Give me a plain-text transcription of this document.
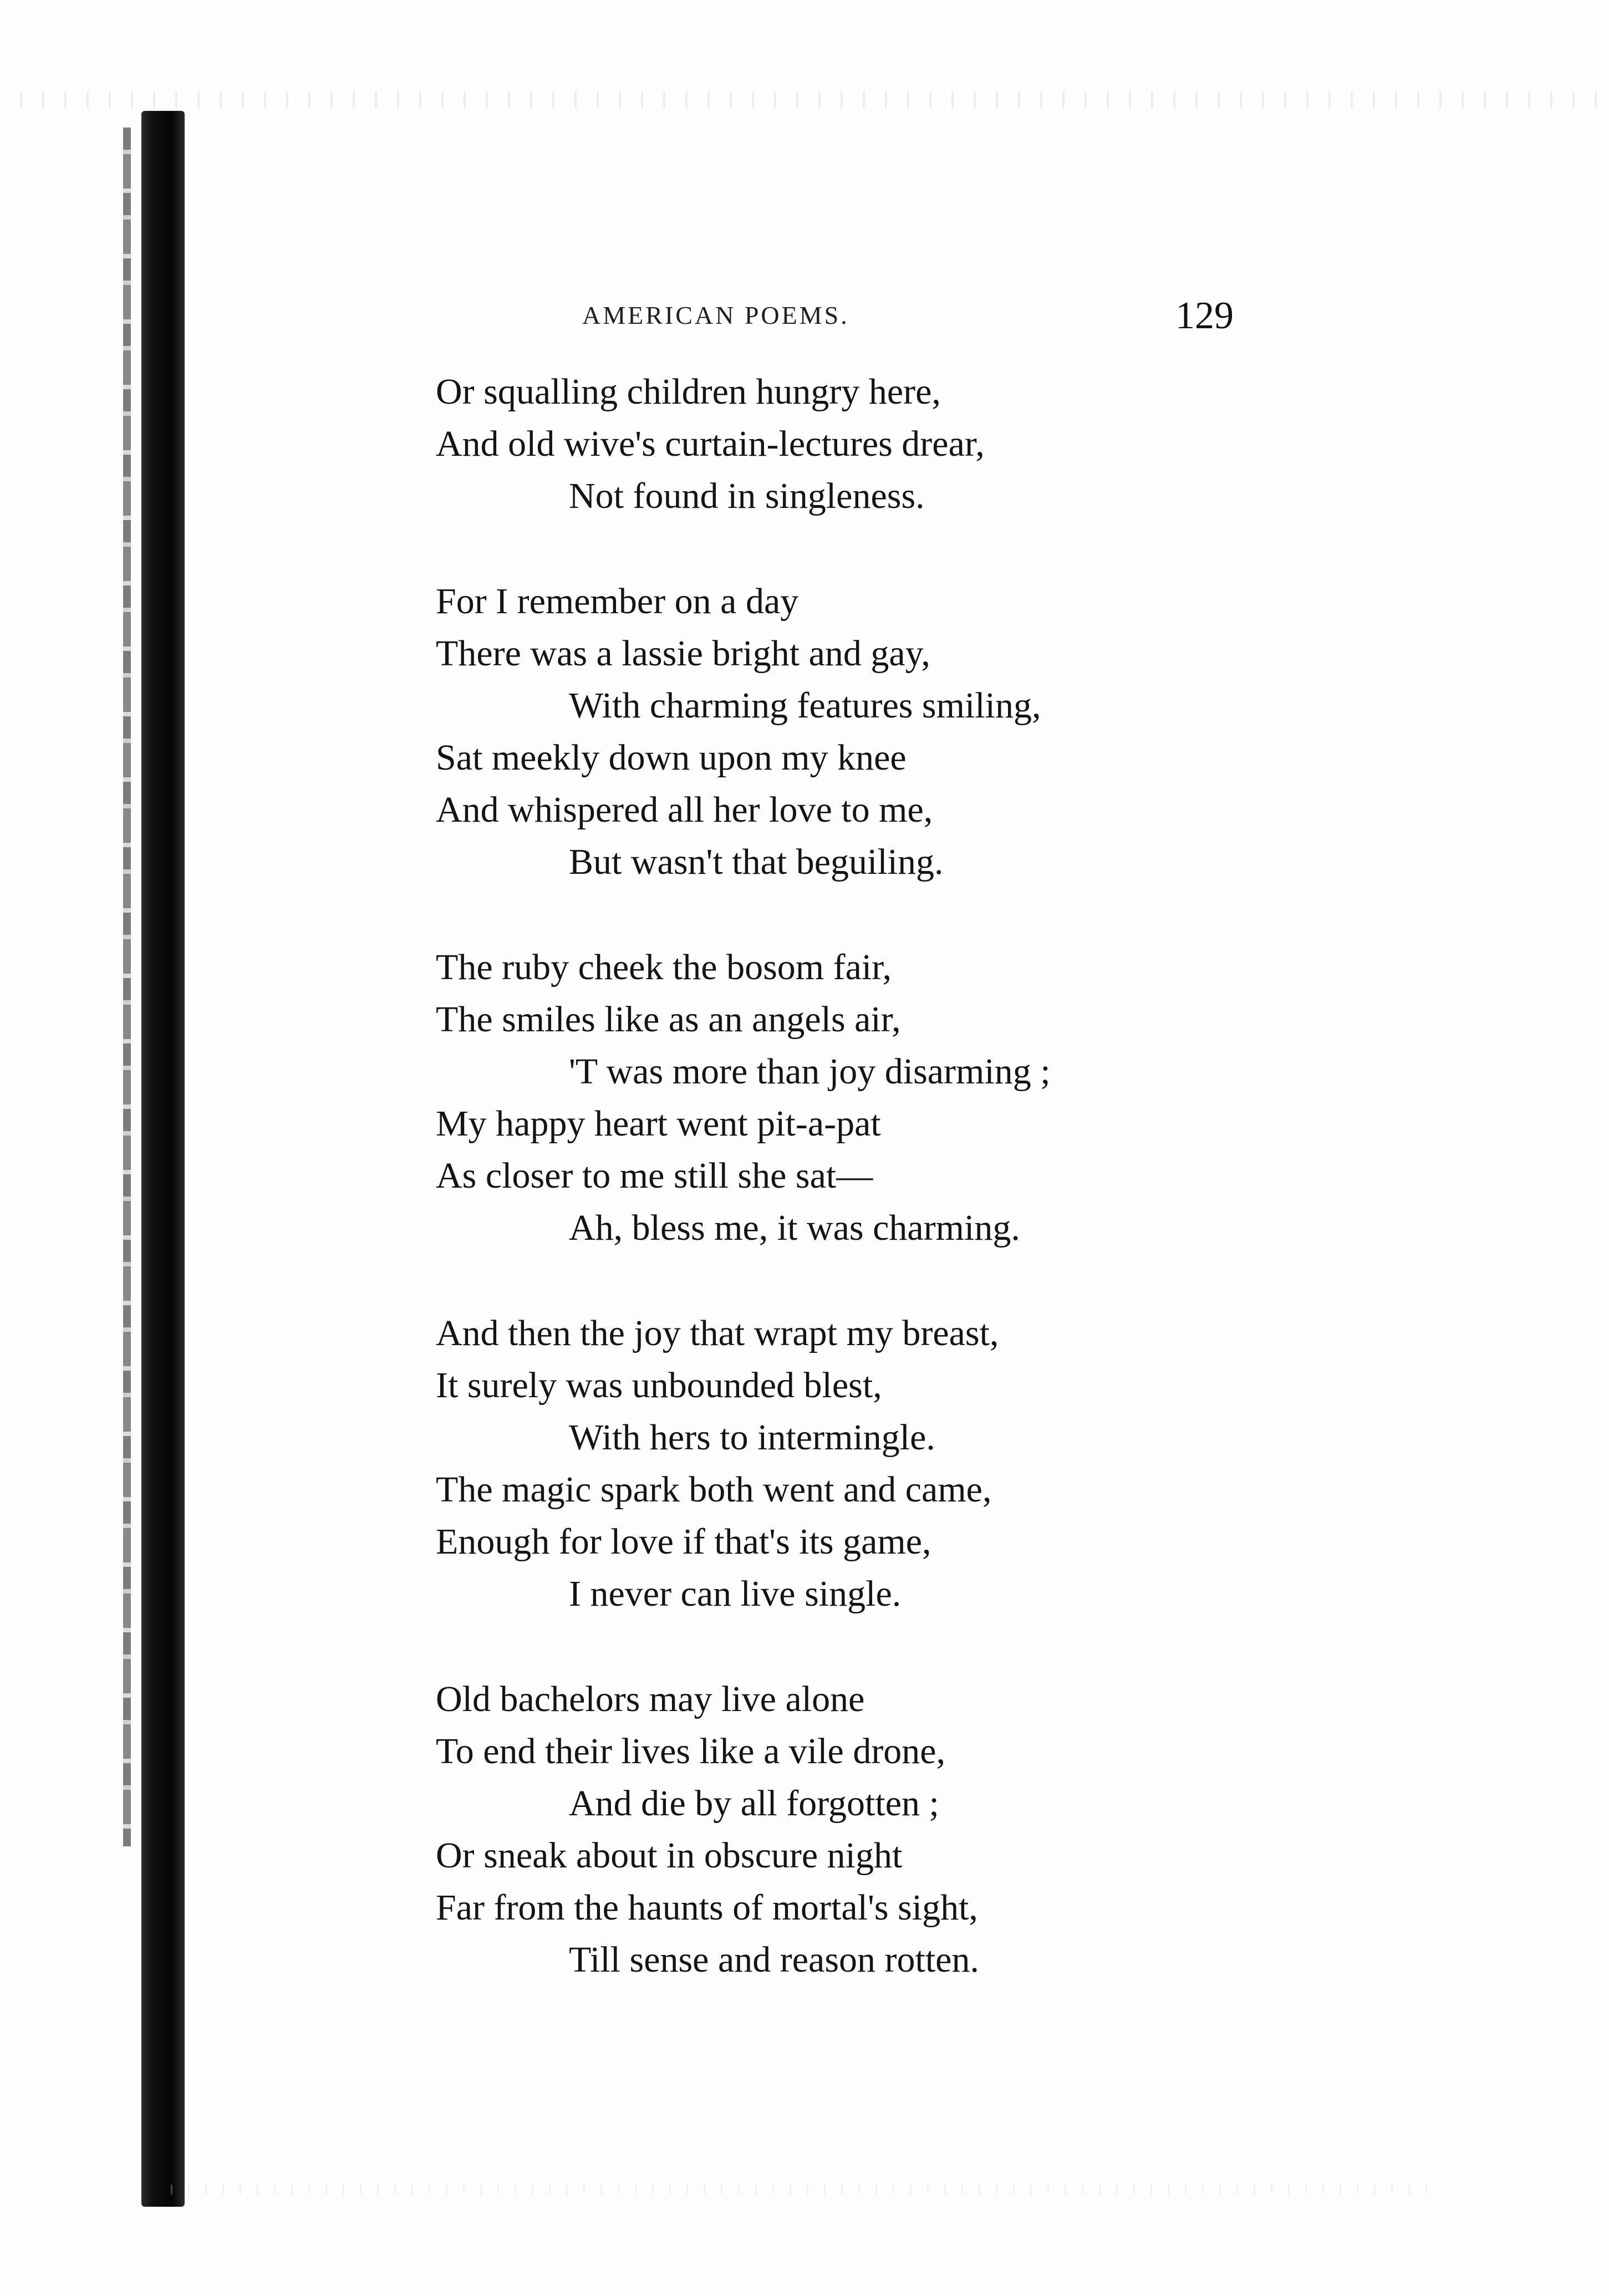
AMERICAN POEMS.	129
Or squalling children hungry here,
And old wive's curtain-lectures drear,
Not found in singleness.
For I remember on a day
There was a lassie bright and gay,
With charming features smiling,
Sat meekly down upon my knee
And whispered all her love to me,
But wasn't that beguiling.
The ruby cheek the bosom fair,
The smiles like as an angels air,
'T was more than joy disarming ;
My happy heart went pit-a-pat
As closer to me still she sat—
Ah, bless me, it was charming.
And then the joy that wrapt my breast,
It surely was unbounded blest,
With hers to intermingle.
The magic spark both went and came,
Enough for love if that's its game,
I never can live single.
Old bachelors may live alone
To end their lives like a vile drone,
And die by all forgotten ;
Or sneak about in obscure night
Far from the haunts of mortal's sight,
Till sense and reason rotten.
